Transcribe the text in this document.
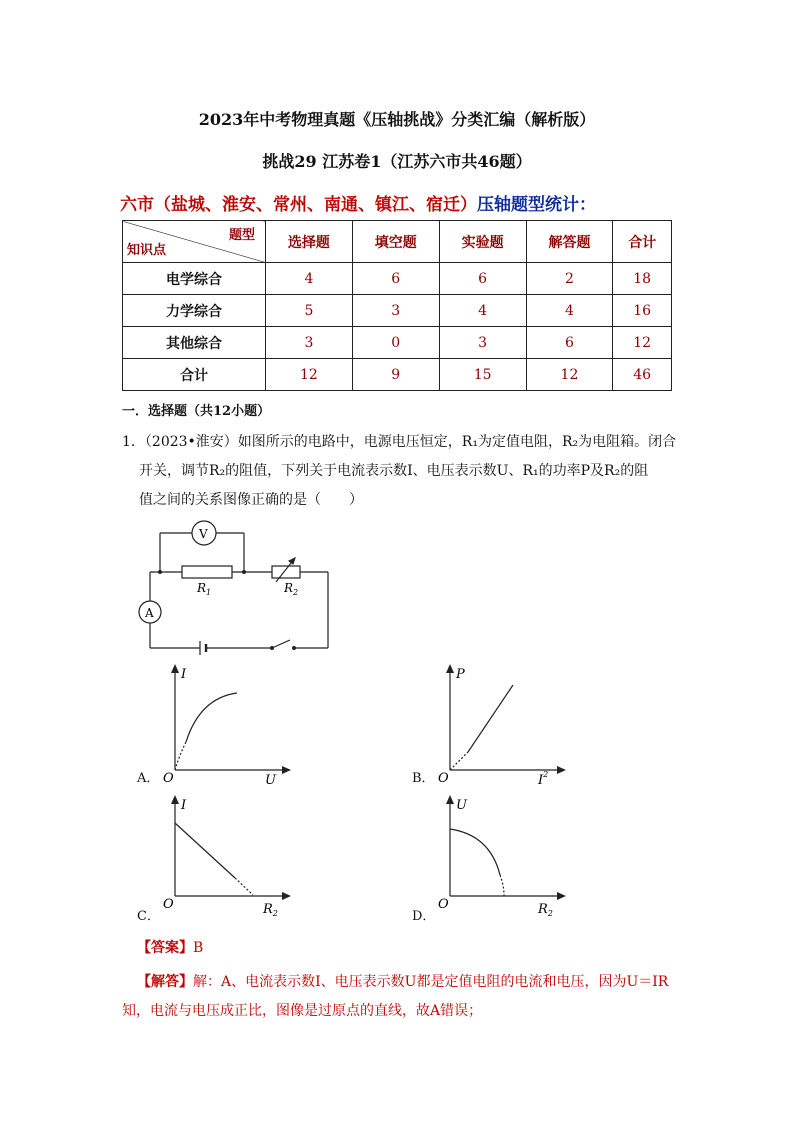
2023年中考物理真题《压轴挑战》分类汇编（解析版）
挑战29 江苏卷1（江苏六市共46题）
六市（盐城、淮安、常州、南通、镇江、宿迁）压轴题型统计：
题型
知识点	选择题	填空题	实验题	解答题	合计
电学综合	4	6	6	2	18
力学综合	5	3	4	4	16
其他综合	3	0	3	6	12
合计	12	9	15	12	46
一．选择题（共12小题）
1．（2023•淮安）如图所示的电路中，电源电压恒定，R₁为定值电阻，R₂为电阻箱。闭合
开关，调节R₂的阻值，下列关于电流表示数I、电压表示数U、R₁的功率P及R₂的阻
值之间的关系图像正确的是（　　）
V
A
$R_1$	$R_2$
A．
I
O	U	B．
P
O	$I^2$
C．
I
O	$R_2$	D．
U
O	$R_2$
【答案】B
【解答】解：A、电流表示数I、电压表示数U都是定值电阻的电流和电压，因为U＝IR
知，电流与电压成正比，图像是过原点的直线，故A错误；
